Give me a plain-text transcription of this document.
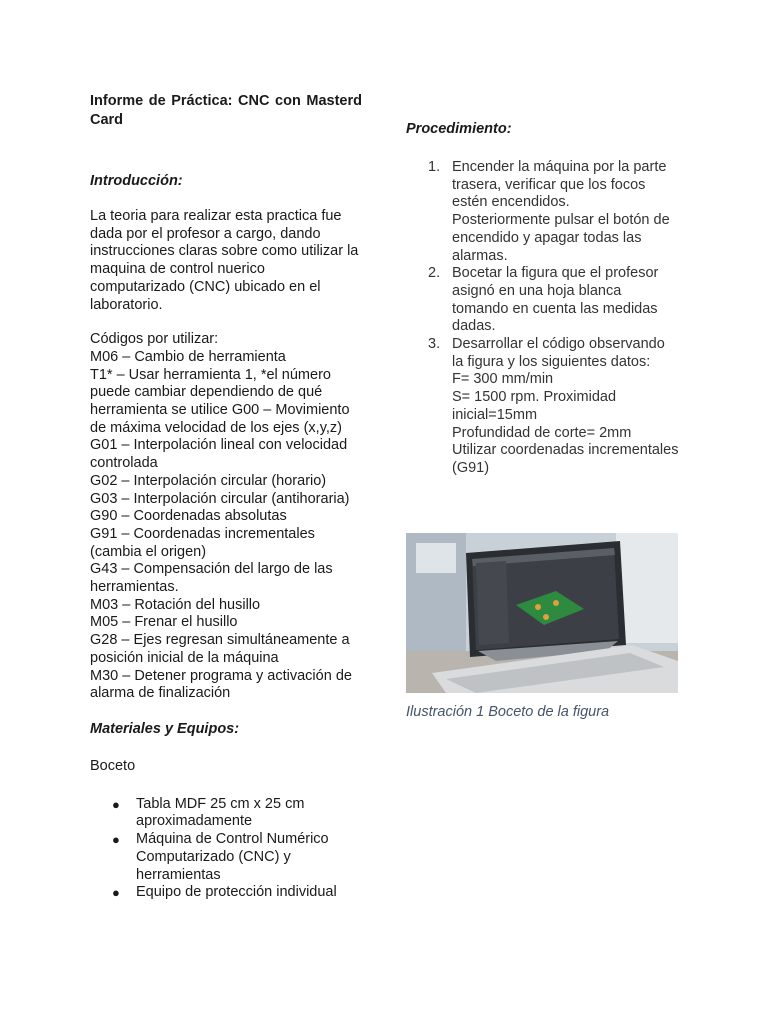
Informe de Práctica: CNC con Masterd Card

Introducción:

La teoria para realizar esta practica fue dada por el profesor a cargo, dando instrucciones claras sobre como utilizar la maquina de control nuerico computarizado (CNC) ubicado en el laboratorio.

Códigos por utilizar:
M06 – Cambio de herramienta
T1* – Usar herramienta 1, *el número puede cambiar dependiendo de qué herramienta se utilice G00 – Movimiento de máxima velocidad de los ejes (x,y,z)
G01 – Interpolación lineal con velocidad controlada
G02 – Interpolación circular (horario)
G03 – Interpolación circular (antihoraria)
G90 – Coordenadas absolutas
G91 – Coordenadas incrementales (cambia el origen)
G43 – Compensación del largo de las herramientas.
M03 – Rotación del husillo
M05 – Frenar el husillo
G28 – Ejes regresan simultáneamente a posición inicial de la máquina
M30 – Detener programa y activación de alarma de finalización

Materiales y Equipos:

Boceto

● Tabla MDF 25 cm x 25 cm aproximadamente
● Máquina de Control Numérico Computarizado (CNC) y herramientas
● Equipo de protección individual

Procedimiento:

1. Encender la máquina por la parte trasera, verificar que los focos estén encendidos.
Posteriormente pulsar el botón de encendido y apagar todas las alarmas.
2. Bocetar la figura que el profesor asignó en una hoja blanca tomando en cuenta las medidas dadas.
3. Desarrollar el código observando la figura y los siguientes datos:
F= 300 mm/min
S= 1500 rpm. Proximidad inicial=15mm
Profundidad de corte= 2mm
Utilizar coordenadas incrementales (G91)

Ilustración 1 Boceto de la figura
